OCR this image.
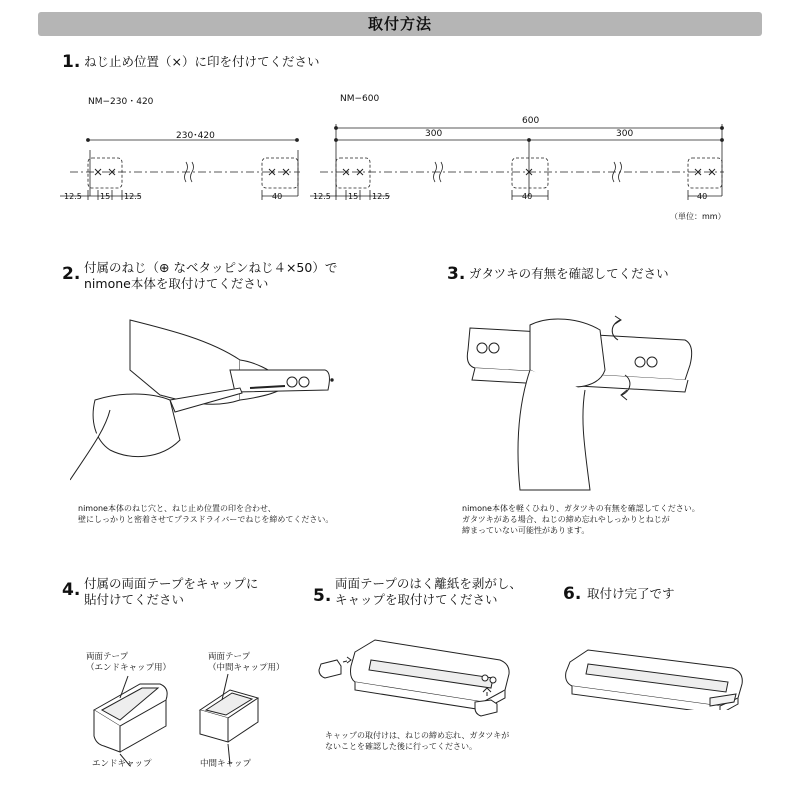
取付方法
1. ねじ止め位置（×）に印を付けてください
NM−230・420
230･420
12.5 15 12.5	40
NM−600
600
300	300
12.5 15 12.5	40	40
（単位：mm）
2. 付属のねじ（⊕ なベタッピンねじ４×50）で
nimone本体を取付けてください
nimone本体のねじ穴と、ねじ止め位置の印を合わせ、
壁にしっかりと密着させてプラスドライバーでねじを締めてください。
3. ガタツキの有無を確認してください
nimone本体を軽くひねり、ガタツキの有無を確認してください。
ガタツキがある場合、ねじの締め忘れやしっかりとねじが
締まっていない可能性があります。
4. 付属の両面テープをキャップに
貼付けてください
両面テープ
（エンドキャップ用）
両面テープ
（中間キャップ用）
エンドキャップ	中間キャップ
5.
両面テープのはく離紙を剥がし、
キャップを取付けてください
キャップの取付けは、ねじの締め忘れ、ガタツキが
ないことを確認した後に行ってください。
6. 取付け完了です
